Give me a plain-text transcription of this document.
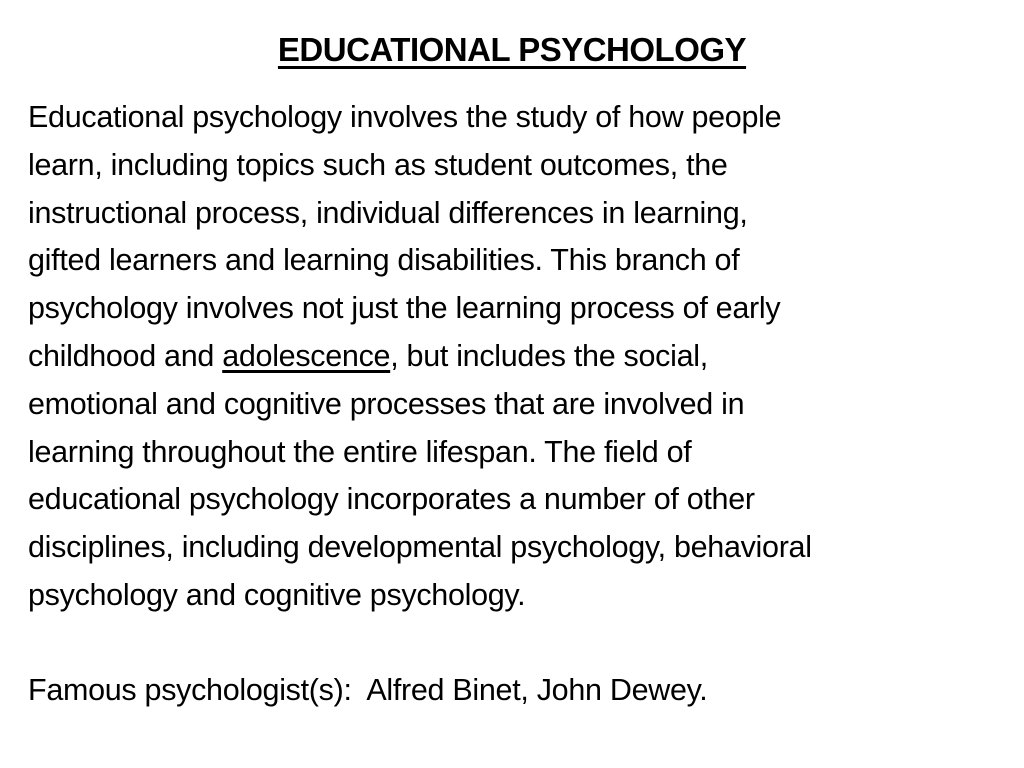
EDUCATIONAL PSYCHOLOGY
Educational psychology involves the study of how people
learn, including topics such as student outcomes, the
instructional process, individual differences in learning,
gifted learners and learning disabilities. This branch of
psychology involves not just the learning process of early
childhood and adolescence, but includes the social,
emotional and cognitive processes that are involved in
learning throughout the entire lifespan. The field of
educational psychology incorporates a number of other
disciplines, including developmental psychology, behavioral
psychology and cognitive psychology.
Famous psychologist(s): Alfred Binet, John Dewey.
